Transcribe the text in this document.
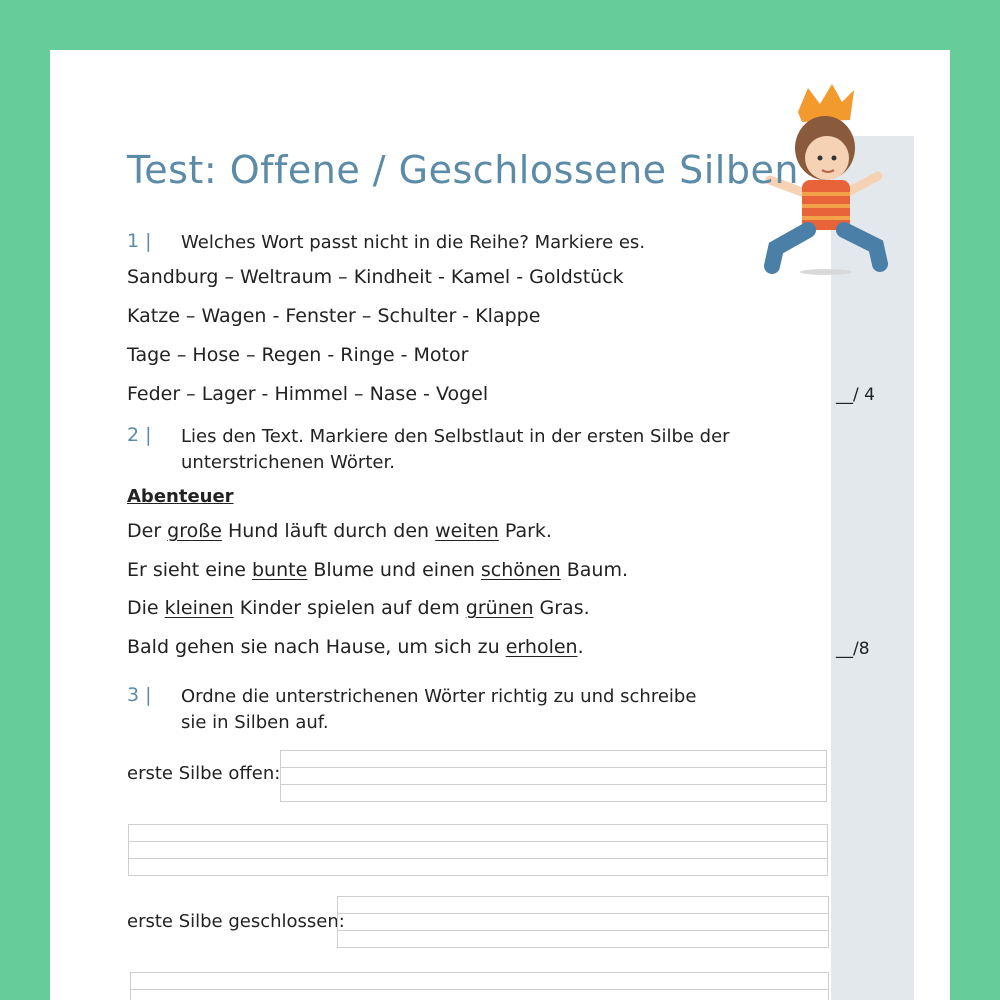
Test: Offene / Geschlossene Silben
1 | Welches Wort passt nicht in die Reihe? Markiere es.
Sandburg – Weltraum – Kindheit - Kamel - Goldstück
Katze – Wagen - Fenster – Schulter - Klappe
Tage – Hose – Regen - Ringe - Motor
Feder – Lager - Himmel – Nase - Vogel	__/ 4
2 | Lies den Text. Markiere den Selbstlaut in der ersten Silbe der
unterstrichenen Wörter.
Abenteuer
Der große Hund läuft durch den weiten Park.
Er sieht eine bunte Blume und einen schönen Baum.
Die kleinen Kinder spielen auf dem grünen Gras.
Bald gehen sie nach Hause, um sich zu erholen.	__/8
3 | Ordne die unterstrichenen Wörter richtig zu und schreibe
sie in Silben auf.
erste Silbe offen:
erste Silbe geschlossen:
